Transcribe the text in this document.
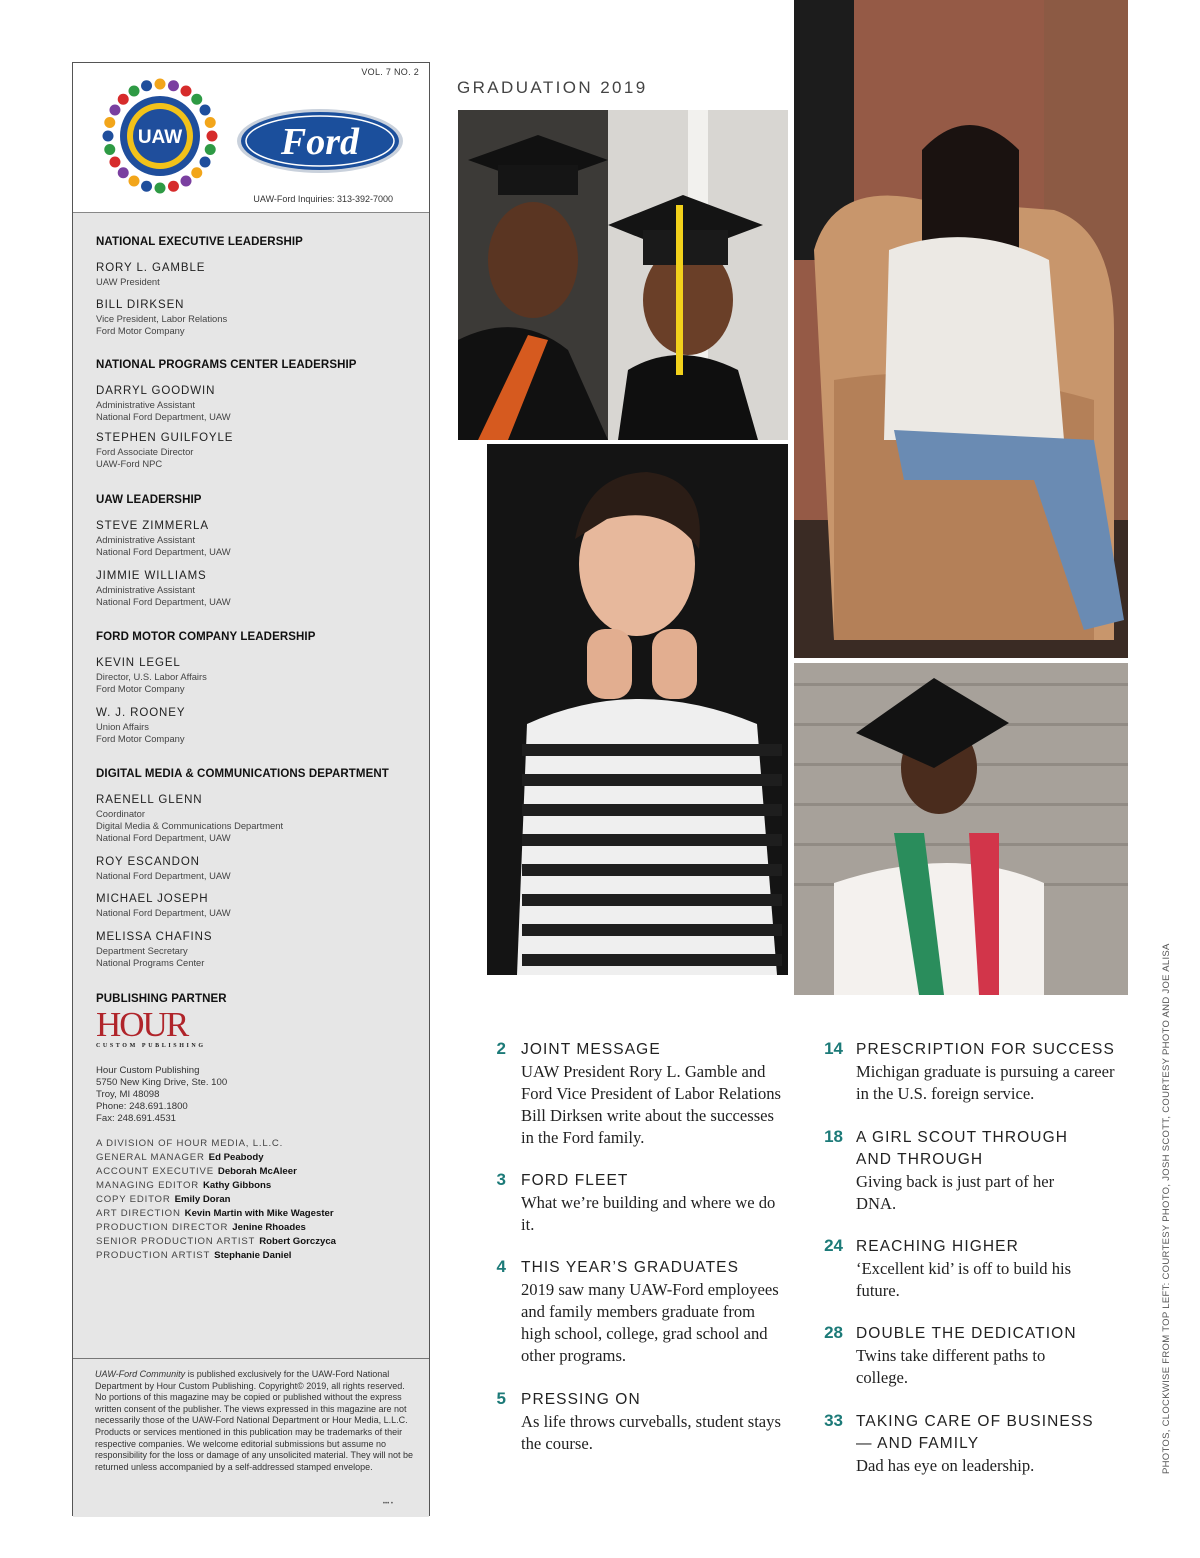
VOL. 7 NO. 2
UAW	Ford
UAW-Ford Inquiries: 313-392-7000
NATIONAL EXECUTIVE LEADERSHIP
RORY L. GAMBLE
UAW President
BILL DIRKSEN
Vice President, Labor Relations
Ford Motor Company
NATIONAL PROGRAMS CENTER LEADERSHIP
DARRYL GOODWIN
Administrative Assistant
National Ford Department, UAW
STEPHEN GUILFOYLE
Ford Associate Director
UAW-Ford NPC
UAW LEADERSHIP
STEVE ZIMMERLA
Administrative Assistant
National Ford Department, UAW
JIMMIE WILLIAMS
Administrative Assistant
National Ford Department, UAW
FORD MOTOR COMPANY LEADERSHIP
KEVIN LEGEL
Director, U.S. Labor Affairs
Ford Motor Company
W. J. ROONEY
Union Affairs
Ford Motor Company
DIGITAL MEDIA & COMMUNICATIONS DEPARTMENT
RAENELL GLENN
Coordinator
Digital Media & Communications Department
National Ford Department, UAW
ROY ESCANDON
National Ford Department, UAW
MICHAEL JOSEPH
National Ford Department, UAW
MELISSA CHAFINS
Department Secretary
National Programs Center
PUBLISHING PARTNER
HOUR
CUSTOM PUBLISHING
Hour Custom Publishing
5750 New King Drive, Ste. 100
Troy, MI 48098
Phone: 248.691.1800
Fax: 248.691.4531
A DIVISION OF HOUR MEDIA, L.L.C.
GENERAL MANAGER Ed Peabody
ACCOUNT EXECUTIVE Deborah McAleer
MANAGING EDITOR Kathy Gibbons
COPY EDITOR Emily Doran
ART DIRECTION Kevin Martin with Mike Wagester
PRODUCTION DIRECTOR Jenine Rhoades
SENIOR PRODUCTION ARTIST Robert Gorczyca
PRODUCTION ARTIST Stephanie Daniel
UAW-Ford Community is published exclusively for the UAW-Ford National Department by Hour Custom Publishing. Copyright© 2019, all rights reserved. No portions of this magazine may be copied or published without the express written consent of the publisher. The views expressed in this magazine are not necessarily those of the UAW-Ford National Department or Hour Media, L.L.C. Products or services mentioned in this publication may be trademarks of their respective companies. We welcome editorial submissions but assume no responsibility for the loss or damage of any unsolicited material. They will not be returned unless accompanied by a self-addressed stamped envelope.
••• •
GRADUATION 2019
2 JOINT MESSAGE
UAW President Rory L. Gamble and Ford Vice President of Labor Relations Bill Dirksen write about the successes in the Ford family.
3 FORD FLEET
What we’re building and where we do it.
4 THIS YEAR’S GRADUATES
2019 saw many UAW-Ford employees and family members graduate from high school, college, grad school and other programs.
5 PRESSING ON
As life throws curveballs, student stays the course.
14 PRESCRIPTION FOR SUCCESS
Michigan graduate is pursuing a career in the U.S. foreign service.
18 A GIRL SCOUT THROUGH AND THROUGH
Giving back is just part of her DNA.
24 REACHING HIGHER
‘Excellent kid’ is off to build his future.
28 DOUBLE THE DEDICATION
Twins take different paths to college.
33 TAKING CARE OF BUSINESS — AND FAMILY
Dad has eye on leadership.	PHOTOS, CLOCKWISE FROM TOP LEFT: COURTESY PHOTO, JOSH SCOTT, COURTESY PHOTO AND JOE ALISA
